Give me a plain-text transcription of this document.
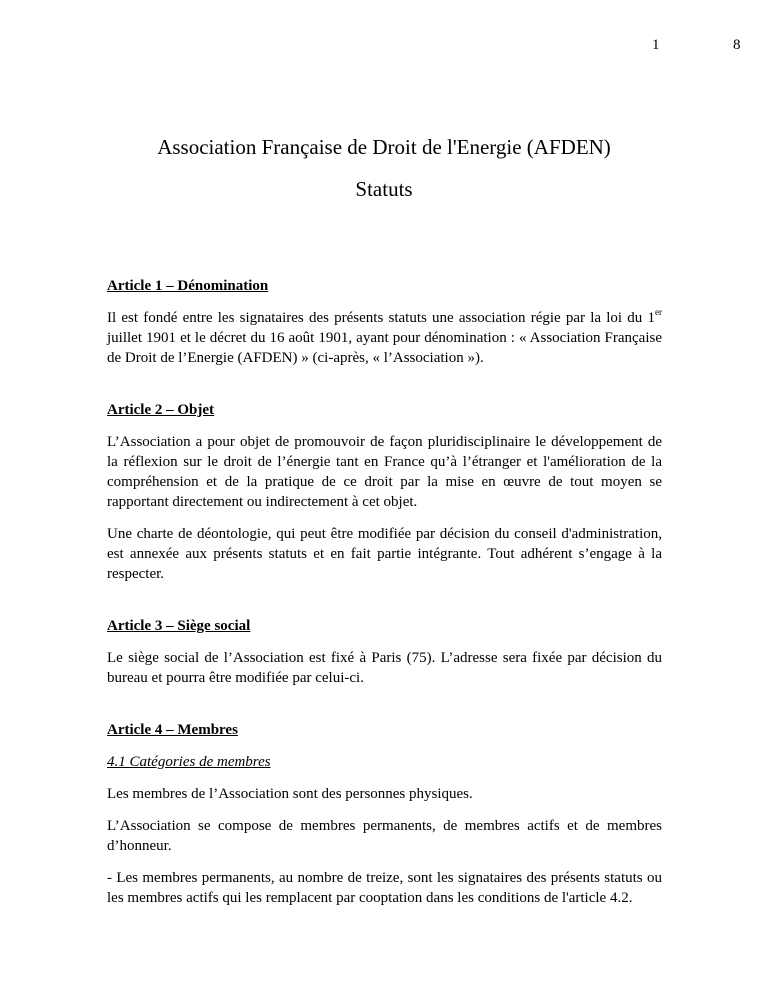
1	8
Association Française de Droit de l'Energie (AFDEN)
Statuts

Article 1 – Dénomination

Il est fondé entre les signataires des présents statuts une association régie par la loi du 1er juillet 1901 et le décret du 16 août 1901, ayant pour dénomination : « Association Française de Droit de l’Energie (AFDEN) » (ci-après, « l’Association »).

Article 2 – Objet

L’Association a pour objet de promouvoir de façon pluridisciplinaire le développement de la réflexion sur le droit de l’énergie tant en France qu’à l’étranger et l'amélioration de la compréhension et de la pratique de ce droit par la mise en œuvre de tout moyen se rapportant directement ou indirectement à cet objet.

Une charte de déontologie, qui peut être modifiée par décision du conseil d'administration, est annexée aux présents statuts et en fait partie intégrante. Tout adhérent s’engage à la respecter.

Article 3 – Siège social

Le siège social de l’Association est fixé à Paris (75). L’adresse sera fixée par décision du bureau et pourra être modifiée par celui-ci.

Article 4 – Membres

4.1 Catégories de membres

Les membres de l’Association sont des personnes physiques.

L’Association se compose de membres permanents, de membres actifs et de membres d’honneur.

- Les membres permanents, au nombre de treize, sont les signataires des présents statuts ou les membres actifs qui les remplacent par cooptation dans les conditions de l'article 4.2.
